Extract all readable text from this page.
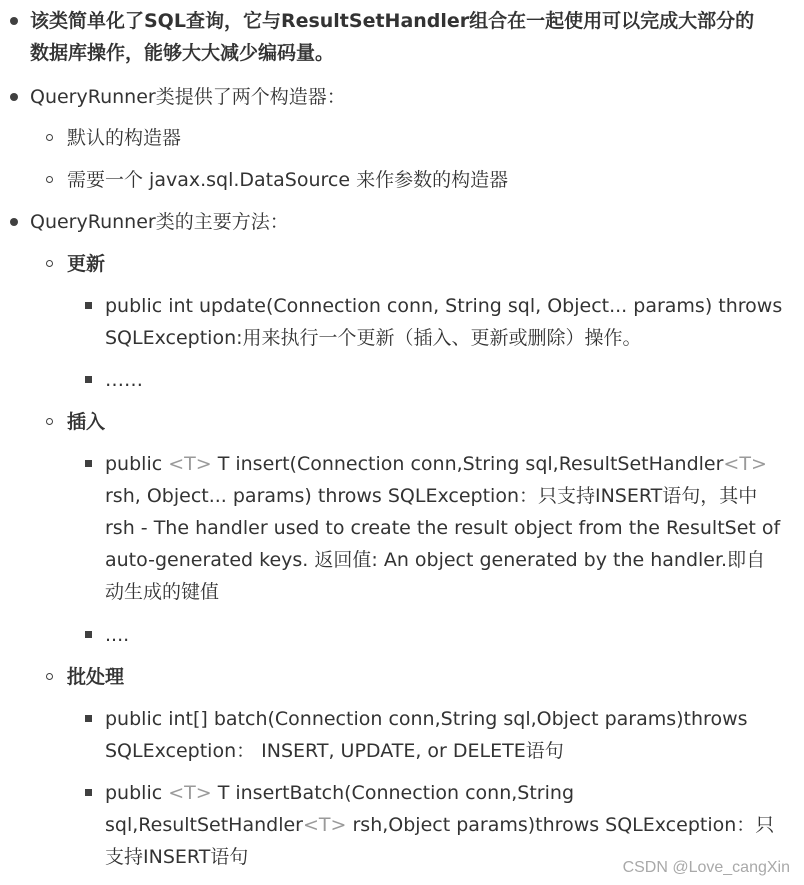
该类简单化了SQL查询，它与ResultSetHandler组合在一起使用可以完成大部分的
数据库操作，能够大大减少编码量。
QueryRunner类提供了两个构造器：
默认的构造器
需要一个 javax.sql.DataSource 来作参数的构造器
QueryRunner类的主要方法：
更新
public int update(Connection conn, String sql, Object... params) throws
SQLException:用来执行一个更新（插入、更新或删除）操作。
……
插入
public <T> T insert(Connection conn,String sql,ResultSetHandler<T>
rsh, Object... params) throws SQLException：只支持INSERT语句，其中
rsh - The handler used to create the result object from the ResultSet of
auto-generated keys. 返回值: An object generated by the handler.即自
动生成的键值
....
批处理
public int[] batch(Connection conn,String sql,Object params)throws
SQLException： INSERT, UPDATE, or DELETE语句
public <T> T insertBatch(Connection conn,String
sql,ResultSetHandler<T> rsh,Object params)throws SQLException：只
支持INSERT语句	CSDN @Love_cangXin
